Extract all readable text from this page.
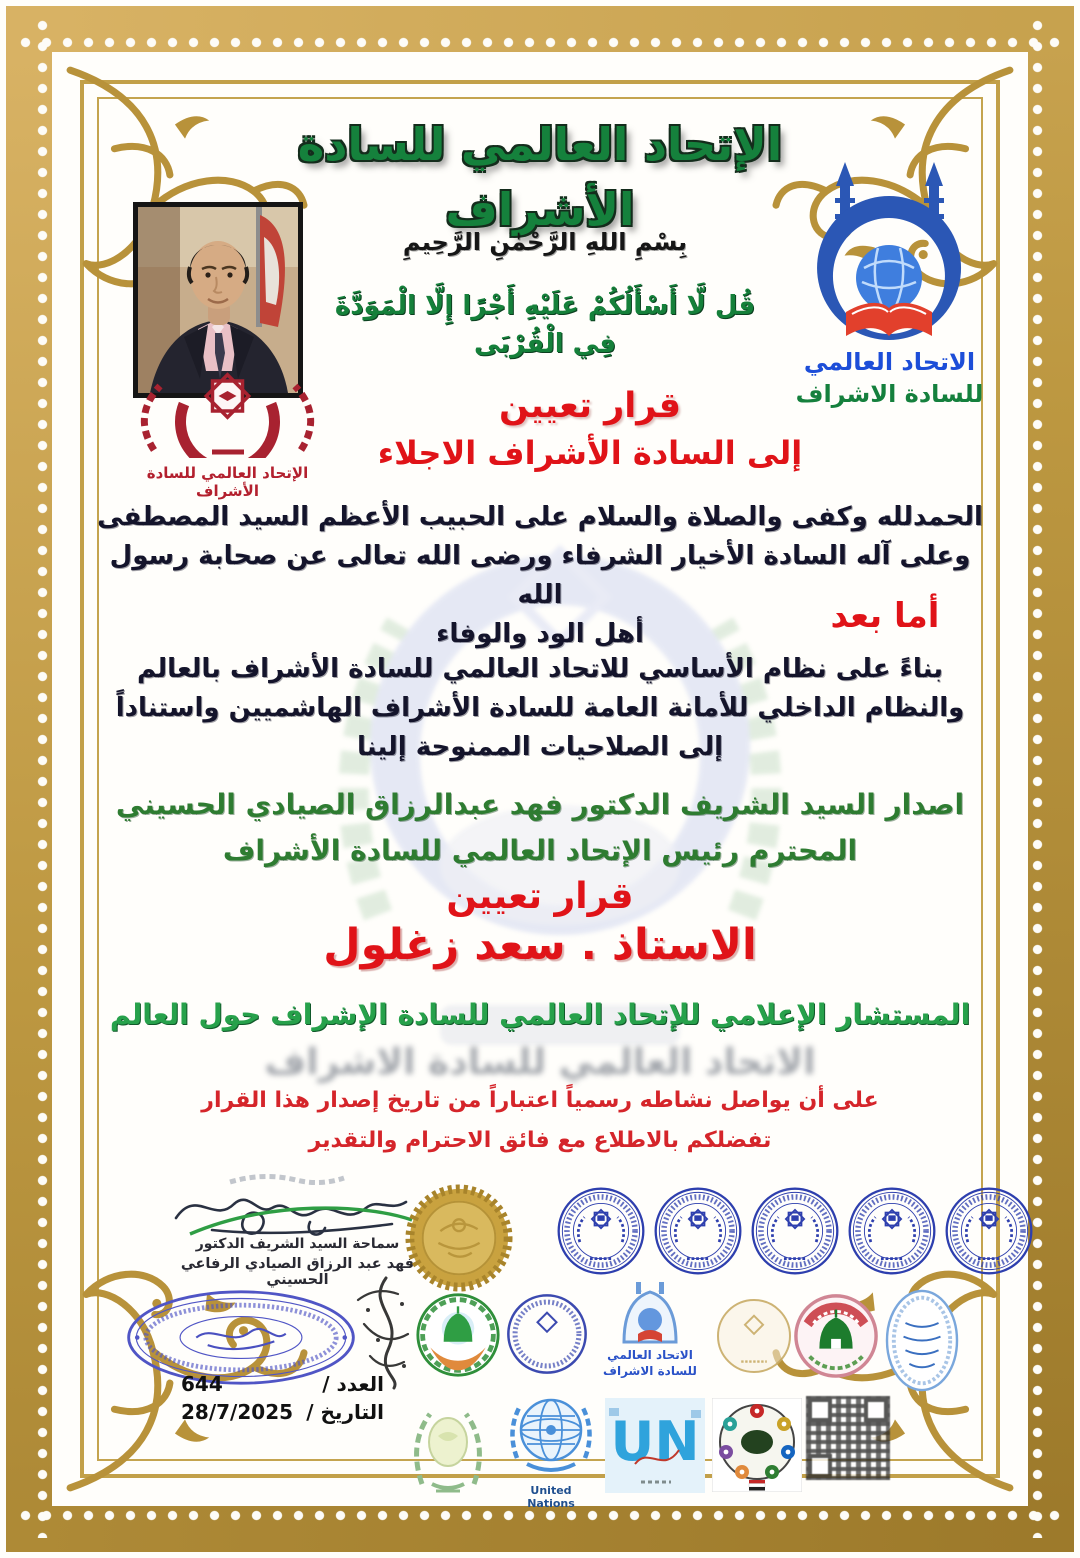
الإتحاد العالمي للسادة الأشراف
الإتحاد العالمي للسادة الأشراف
بِسْمِ اللهِ الرَّحْمٰنِ الرَّحِيمِ
قُل لَّا أَسْأَلُكُمْ عَلَيْهِ أَجْرًا إِلَّا الْمَوَدَّةَ فِي الْقُرْبَى
الاتحاد العالمي
للسادة الاشراف
قرار تعيين
إلى السادة الأشراف الاجلاء
الحمدلله وكفى والصلاة والسلام على الحبيب الأعظم السيد المصطفى
وعلى آله السادة الأخيار الشرفاء ورضى الله تعالى عن صحابة رسول الله
أهل الود والوفاء	أما بعد
بناءً على نظام الأساسي للاتحاد العالمي للسادة الأشراف بالعالم
والنظام الداخلي للأمانة العامة للسادة الأشراف الهاشميين واستناداً
إلى الصلاحيات الممنوحة إلينا
اصدار السيد الشريف الدكتور فهد عبدالرزاق الصيادي الحسيني
المحترم رئيس الإتحاد العالمي للسادة الأشراف
قرار تعيين
الاستاذ . سعد زغلول
المستشار الإعلامي للإتحاد العالمي للسادة الإشراف حول العالم
الاتحاد العالمي للسادة الاشراف
على أن يواصل نشاطه رسمياً اعتباراً من تاريخ إصدار هذا القرار
تفضلكم بالاطلاع مع فائق الاحترام والتقدير
سماحة السيد الشريف الدكتور
فهد عبد الرزاق الصيادي الرفاعي الحسيني
الاتحاد العالمي
للسادة الاشراف
العدد /
644
التاريخ /
28/7/2025
United Nations
UN
